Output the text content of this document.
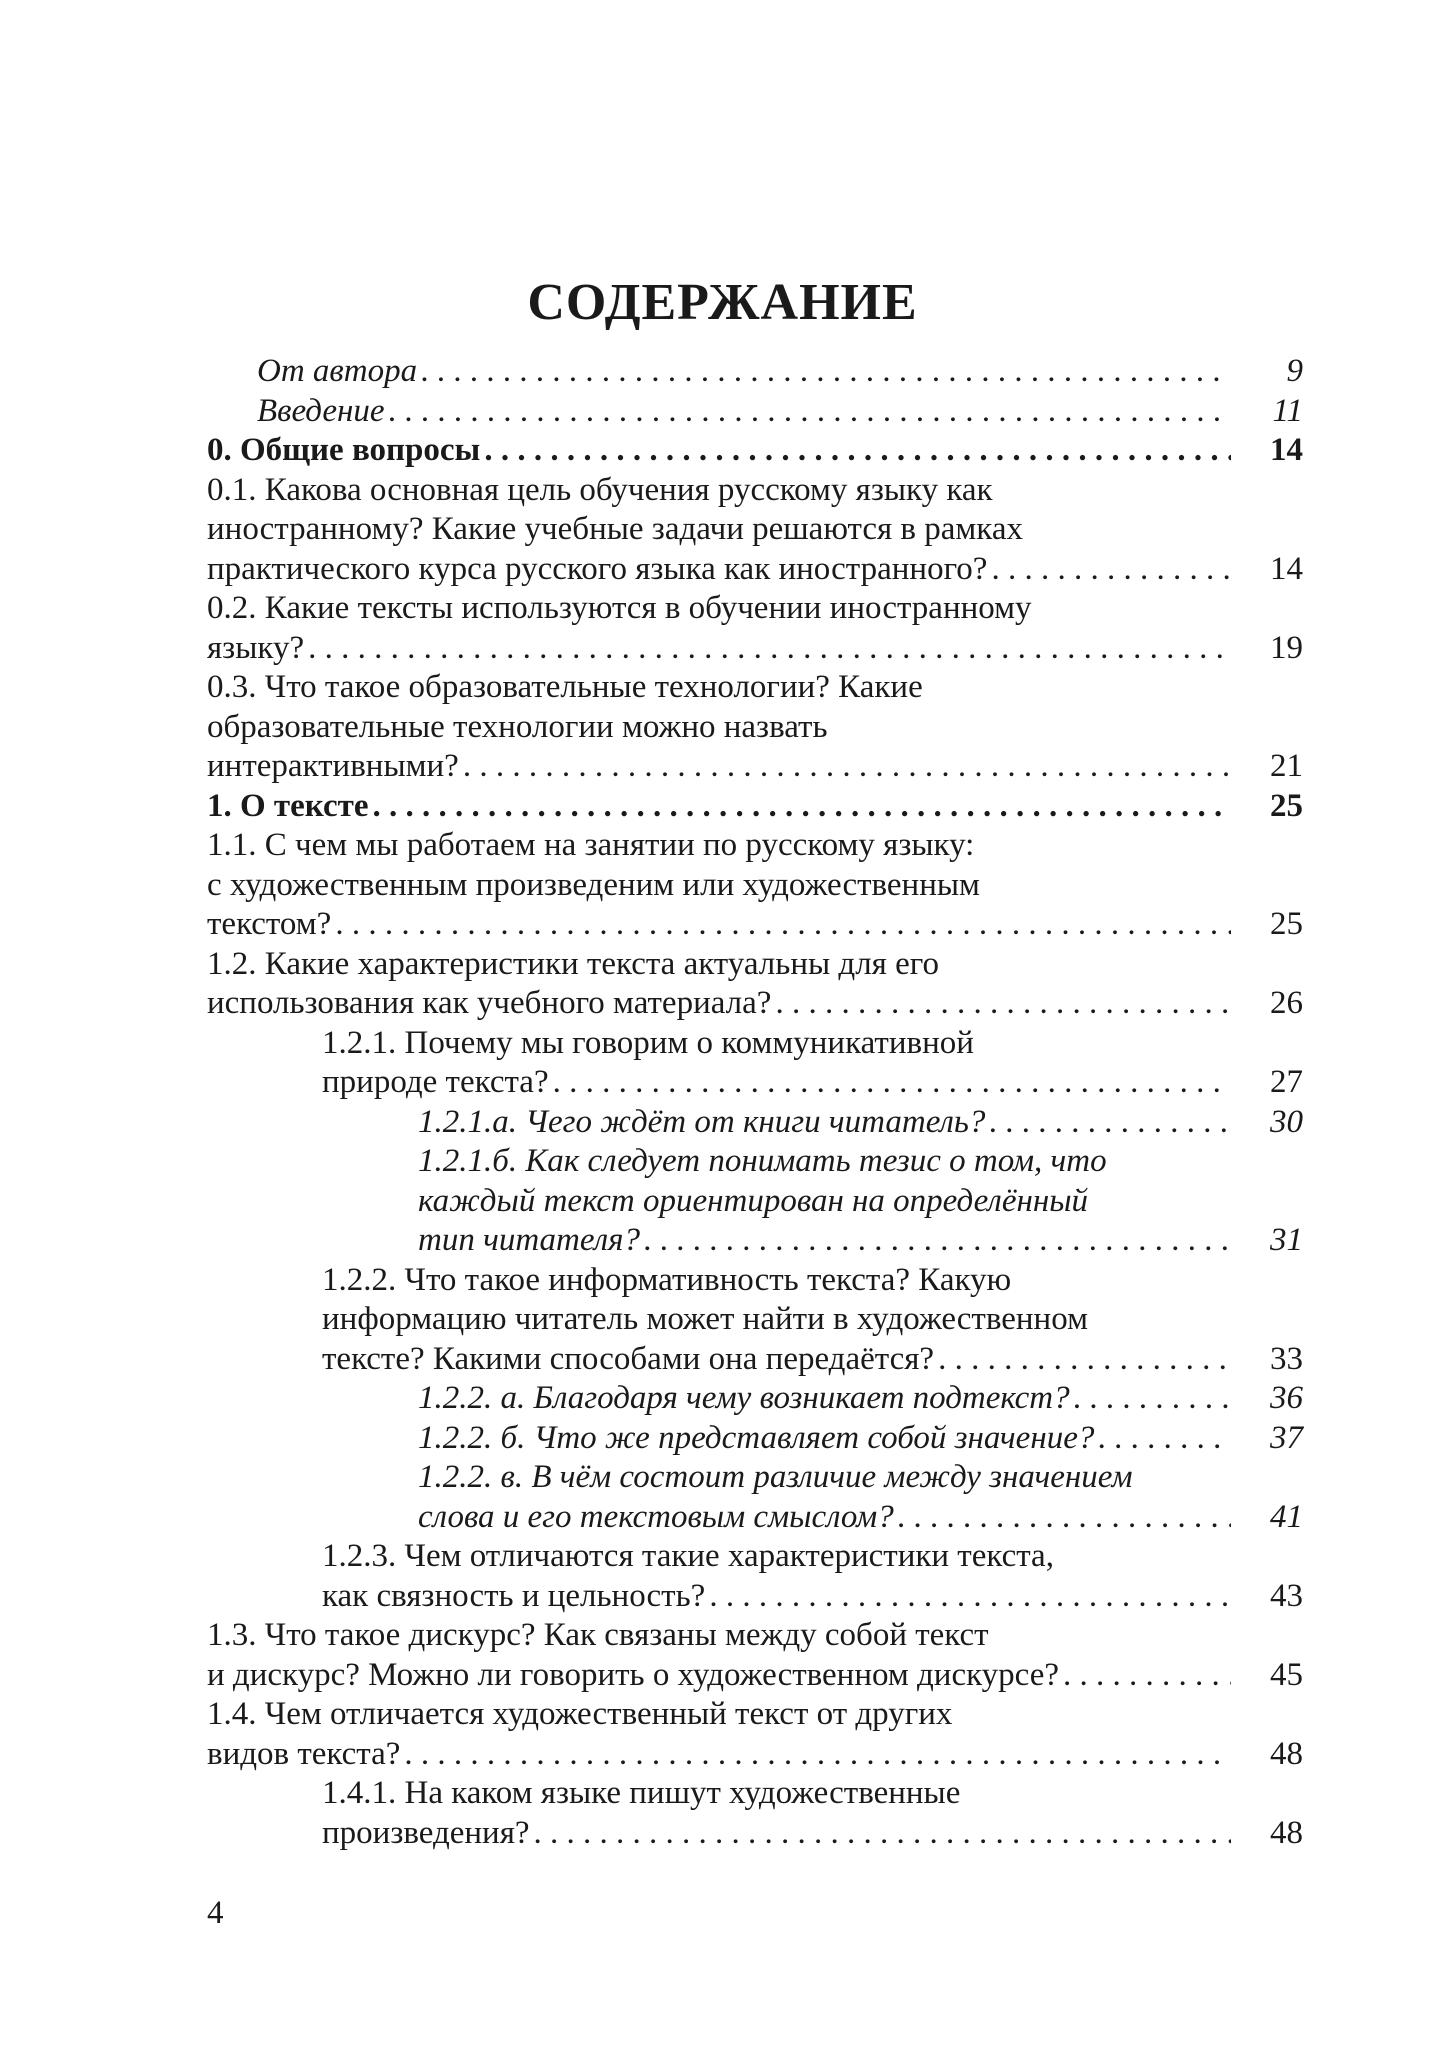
СОДЕРЖАНИЕ
От автора . . .	9
Введение . . .	11
0. Общие вопросы . . .	14
0.1. Какова основная цель обучения русскому языку как
иностранному? Какие учебные задачи решаются в рамках
практического курса русского языка как иностранного? . . .	14
0.2. Какие тексты используются в обучении иностранному
языку? . . .	19
0.3. Что такое образовательные технологии? Какие
образовательные технологии можно назвать
интерактивными? . . .	21
1. О тексте . . .	25
1.1. С чем мы работаем на занятии по русскому языку:
с художественным произведеним или художественным
текстом? . . .	25
1.2. Какие характеристики текста актуальны для его
использования как учебного материала? . . .	26
1.2.1. Почему мы говорим о коммуникативной
природе текста? . . .	27
1.2.1.а. Чего ждёт от книги читатель? . . .	30
1.2.1.б. Как следует понимать тезис о том, что
каждый текст ориентирован на определённый
тип читателя? . . .	31
1.2.2. Что такое информативность текста? Какую
информацию читатель может найти в художественном
тексте? Какими способами она передаётся? . . .	33
1.2.2. а. Благодаря чему возникает подтекст? . . .	36
1.2.2. б. Что же представляет собой значение? . . .	37
1.2.2. в. В чём состоит различие между значением
слова и его текстовым смыслом? . . .	41
1.2.3. Чем отличаются такие характеристики текста,
как связность и цельность? . . .	43
1.3. Что такое дискурс? Как связаны между собой текст
и дискурс? Можно ли говорить о художественном дискурсе? . . .	45
1.4. Чем отличается художественный текст от других
видов текста? . . .	48
1.4.1. На каком языке пишут художественные
произведения? . . .	48
4
